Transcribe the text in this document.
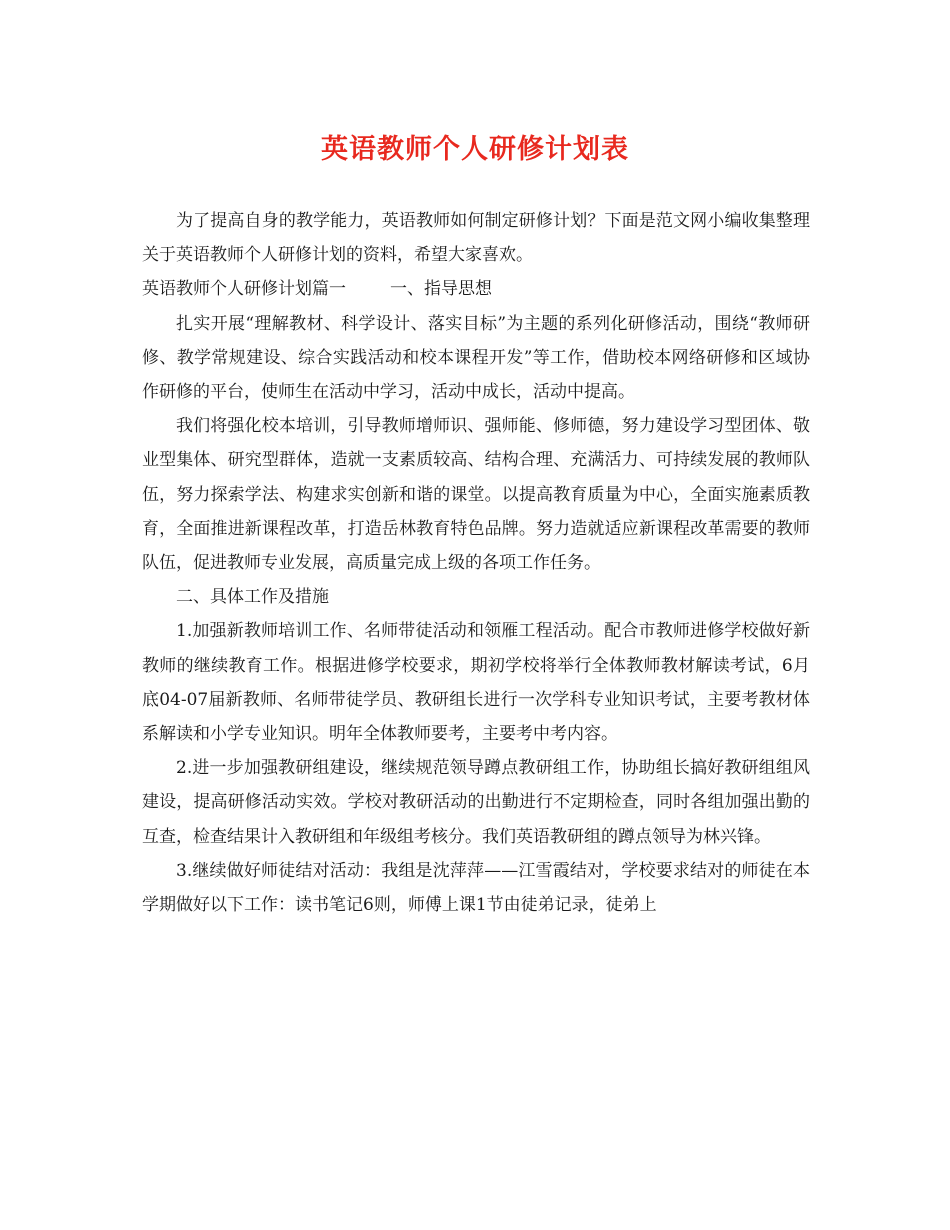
英语教师个人研修计划表

为了提高自身的教学能力，英语教师如何制定研修计划？下面是范文网小编收集整理关于英语教师个人研修计划的资料，希望大家喜欢。

英语教师个人研修计划篇一	一、指导思想

扎实开展“理解教材、科学设计、落实目标”为主题的系列化研修活动，围绕“教师研修、教学常规建设、综合实践活动和校本课程开发”等工作，借助校本网络研修和区域协作研修的平台，使师生在活动中学习，活动中成长，活动中提高。

我们将强化校本培训，引导教师增师识、强师能、修师德，努力建设学习型团体、敬业型集体、研究型群体，造就一支素质较高、结构合理、充满活力、可持续发展的教师队伍，努力探索学法、构建求实创新和谐的课堂。以提高教育质量为中心，全面实施素质教育，全面推进新课程改革，打造岳林教育特色品牌。努力造就适应新课程改革需要的教师队伍，促进教师专业发展，高质量完成上级的各项工作任务。

二、具体工作及措施

1.加强新教师培训工作、名师带徒活动和领雁工程活动。配合市教师进修学校做好新教师的继续教育工作。根据进修学校要求，期初学校将举行全体教师教材解读考试，6月底04-07届新教师、名师带徒学员、教研组长进行一次学科专业知识考试，主要考教材体系解读和小学专业知识。明年全体教师要考，主要考中考内容。

2.进一步加强教研组建设，继续规范领导蹲点教研组工作，协助组长搞好教研组组风建设，提高研修活动实效。学校对教研活动的出勤进行不定期检查，同时各组加强出勤的互查，检查结果计入教研组和年级组考核分。我们英语教研组的蹲点领导为林兴锋。

3.继续做好师徒结对活动：我组是沈萍萍——江雪霞结对，学校要求结对的师徒在本学期做好以下工作：读书笔记6则，师傅上课1节由徒弟记录，徒弟上
